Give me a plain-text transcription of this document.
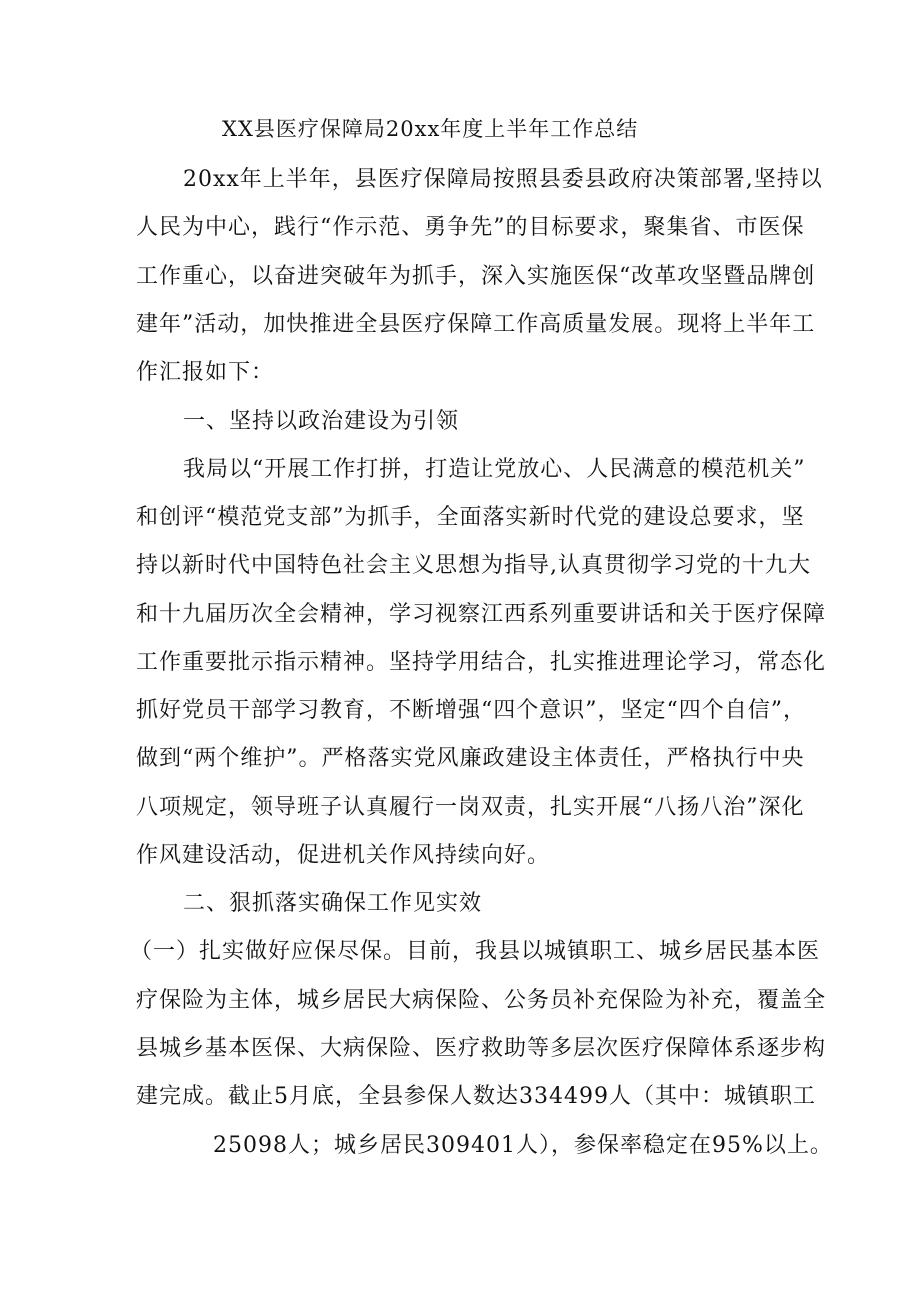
XX县医疗保障局20xx年度上半年工作总结
20xx年上半年，县医疗保障局按照县委县政府决策部署,坚持以
人民为中心，践行“作示范、勇争先”的目标要求，聚集省、市医保
工作重心，以奋进突破年为抓手，深入实施医保“改革攻坚暨品牌创
建年”活动，加快推进全县医疗保障工作高质量发展。现将上半年工
作汇报如下：
一、坚持以政治建设为引领
我局以“开展工作打拼，打造让党放心、人民满意的模范机关”
和创评“模范党支部”为抓手，全面落实新时代党的建设总要求，坚
持以新时代中国特色社会主义思想为指导,认真贯彻学习党的十九大
和十九届历次全会精神，学习视察江西系列重要讲话和关于医疗保障
工作重要批示指示精神。坚持学用结合，扎实推进理论学习，常态化
抓好党员干部学习教育，不断增强“四个意识”，坚定“四个自信”，
做到“两个维护”。严格落实党风廉政建设主体责任，严格执行中央
八项规定，领导班子认真履行一岗双责，扎实开展“八扬八治”深化
作风建设活动，促进机关作风持续向好。
二、狠抓落实确保工作见实效
（一）扎实做好应保尽保。目前，我县以城镇职工、城乡居民基本医
疗保险为主体，城乡居民大病保险、公务员补充保险为补充，覆盖全
县城乡基本医保、大病保险、医疗救助等多层次医疗保障体系逐步构
建完成。截止5月底，全县参保人数达334499人（其中：城镇职工
25098人；城乡居民309401人），参保率稳定在95%以上。
